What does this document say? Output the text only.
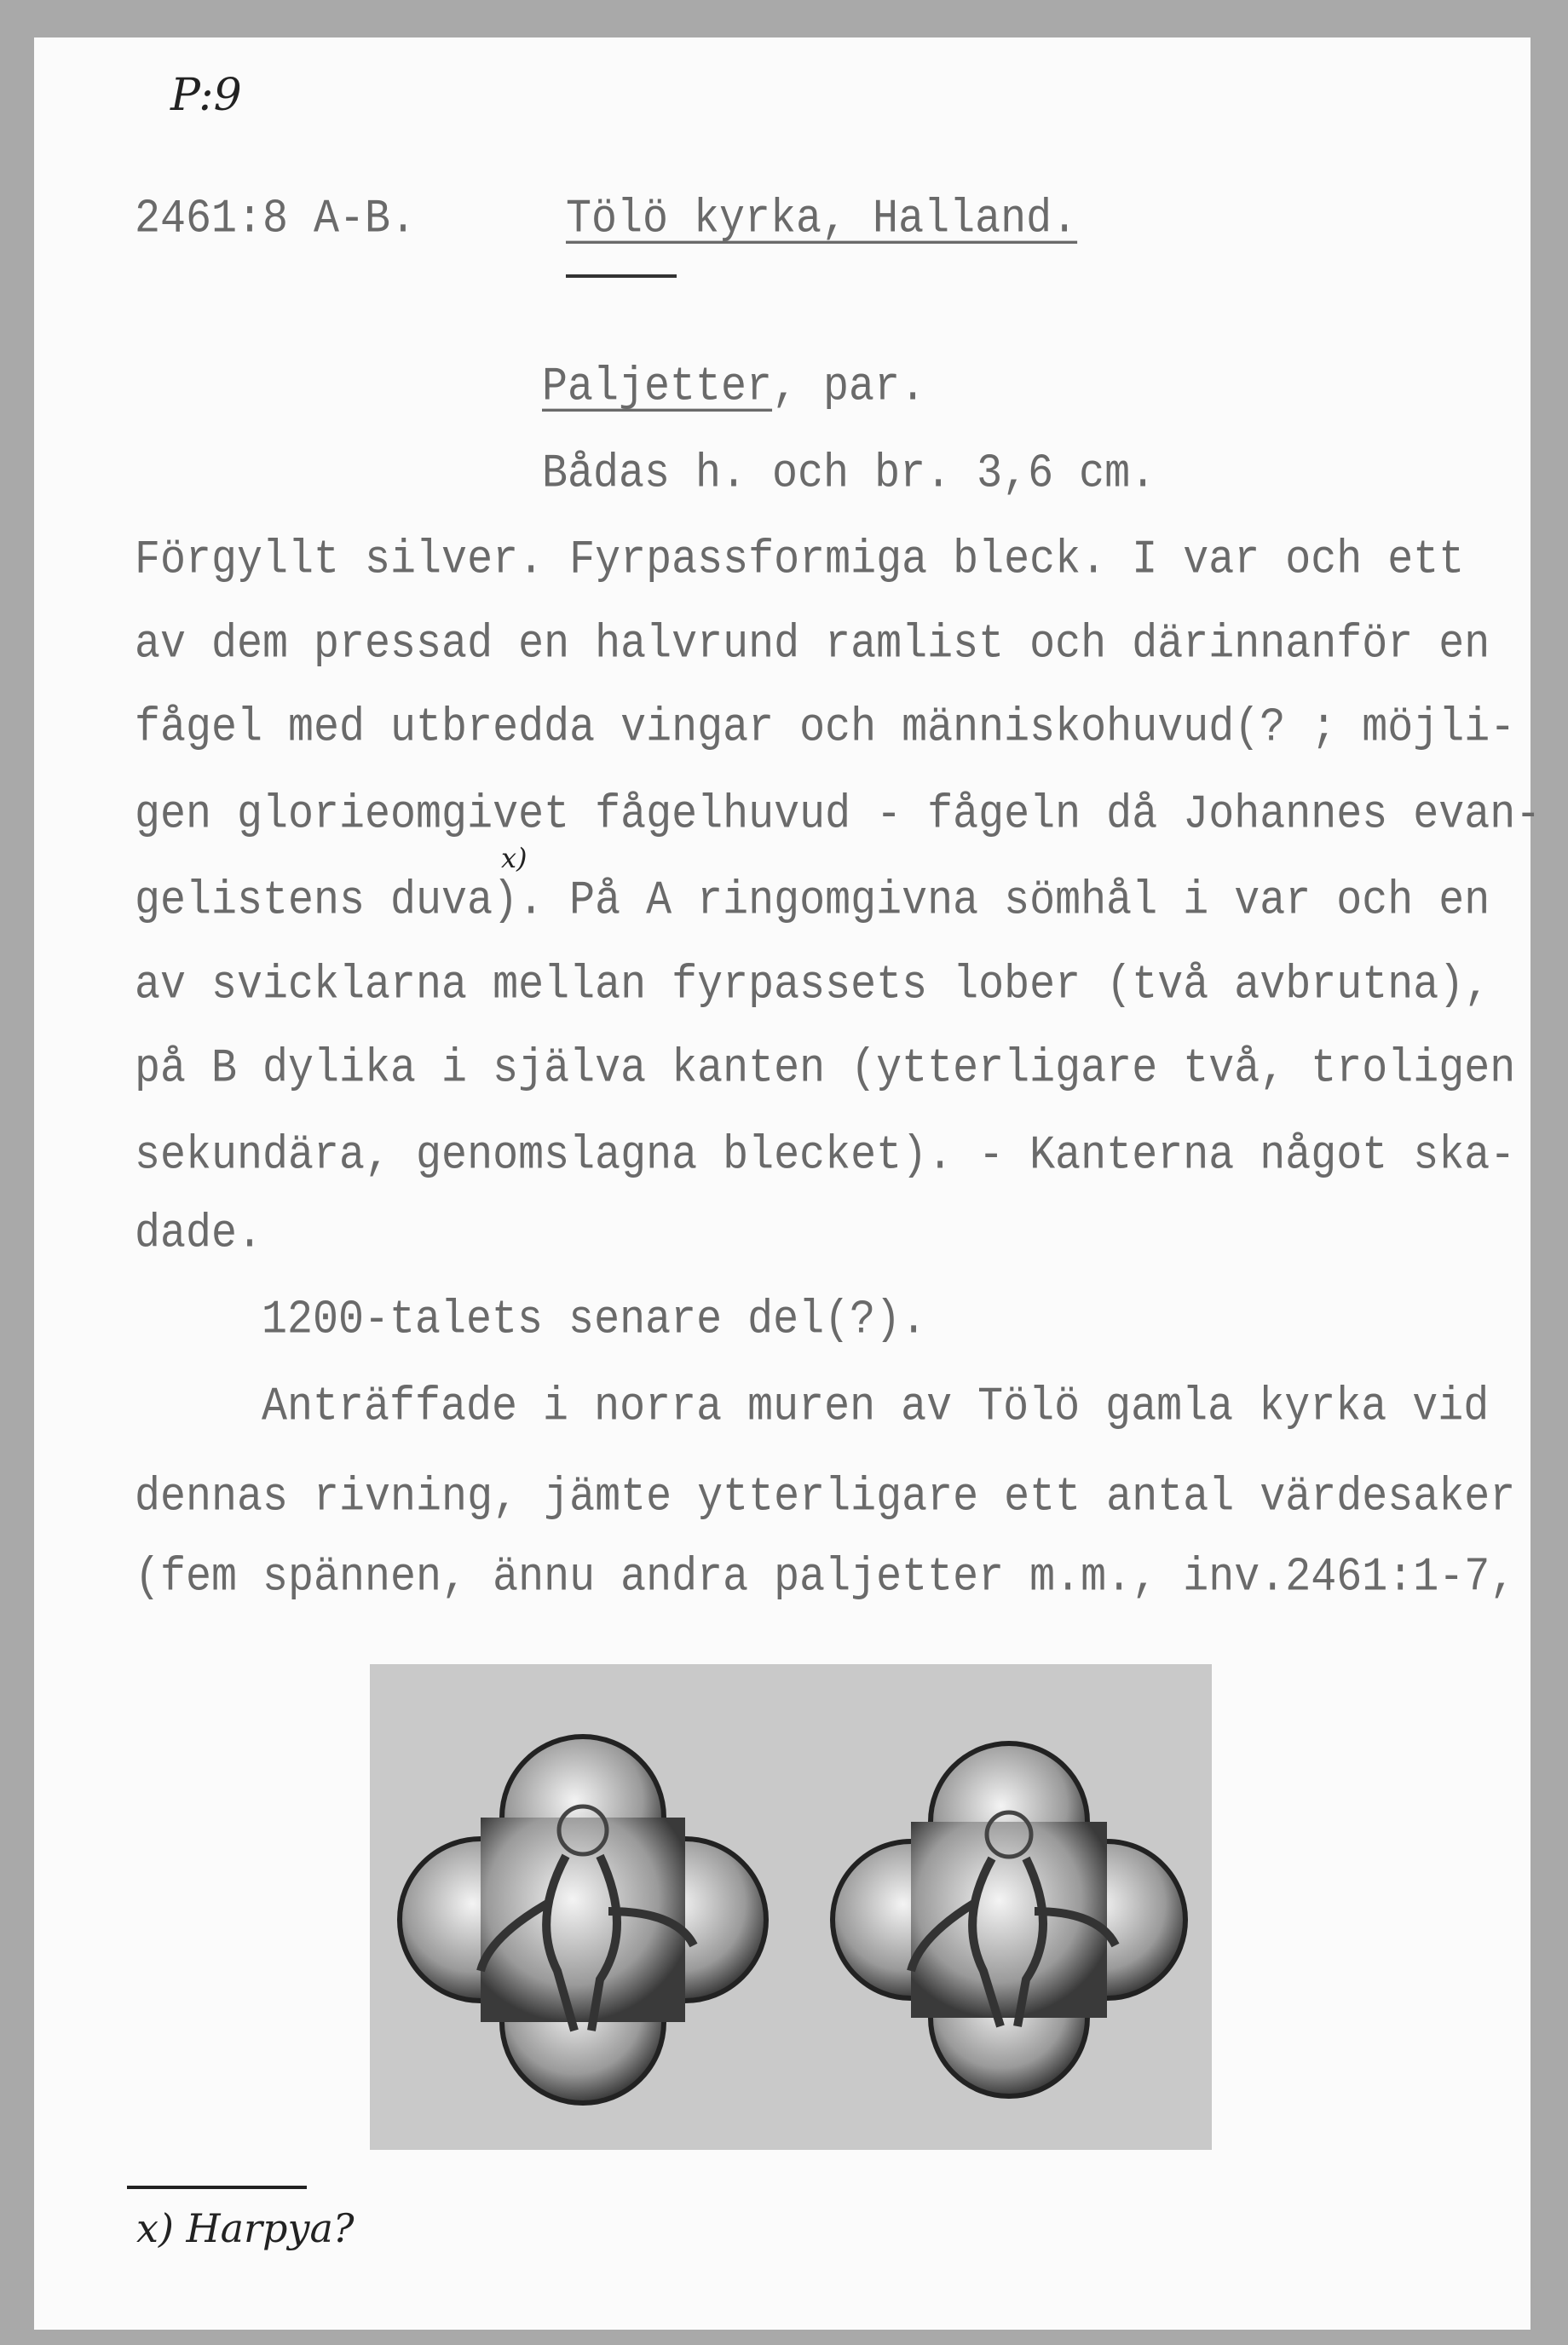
P:9
2461:8 A-B.	Tölö kyrka, Halland.
Paljetter, par.
Bådas h. och br. 3,6 cm.
Förgyllt silver. Fyrpassformiga bleck. I var och ett
av dem pressad en halvrund ramlist och därinnanför en
fågel med utbredda vingar och människohuvud(? ; möjli-
gen glorieomgivet fågelhuvud - fågeln då Johannes evan-
x)
gelistens duva). På A ringomgivna sömhål i var och en
av svicklarna mellan fyrpassets lober (två avbrutna),
på B dylika i själva kanten (ytterligare två, troligen
sekundära, genomslagna blecket). - Kanterna något ska-
dade.
1200-talets senare del(?).
Anträffade i norra muren av Tölö gamla kyrka vid
dennas rivning, jämte ytterligare ett antal värdesaker
(fem spännen, ännu andra paljetter m.m., inv.2461:1-7,
x) Harpya?
